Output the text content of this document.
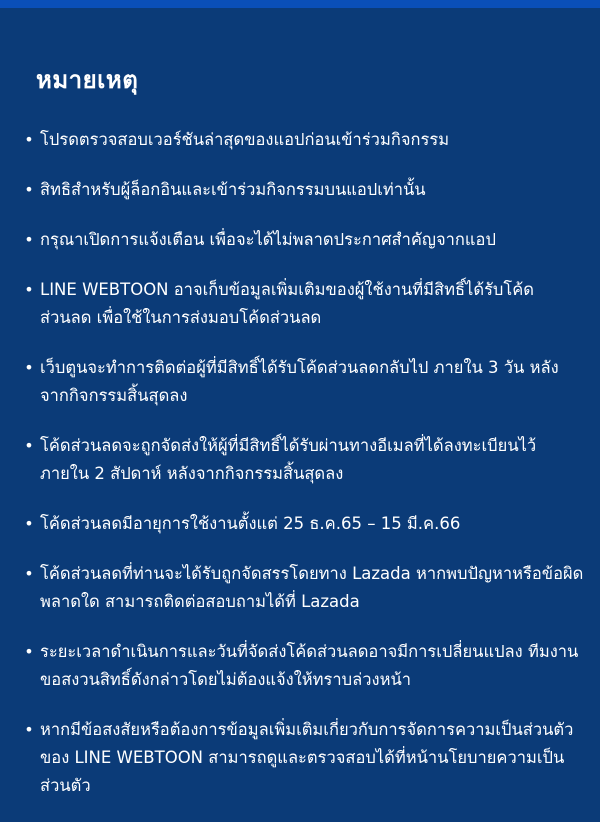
หมายเหตุ
• โปรดตรวจสอบเวอร์ชันล่าสุดของแอปก่อนเข้าร่วมกิจกรรม
• สิทธิสำหรับผู้ล็อกอินและเข้าร่วมกิจกรรมบนแอปเท่านั้น
• กรุณาเปิดการแจ้งเตือน เพื่อจะได้ไม่พลาดประกาศสำคัญจากแอป
• LINE WEBTOON อาจเก็บข้อมูลเพิ่มเติมของผู้ใช้งานที่มีสิทธิ์ได้รับโค้ดส่วนลด เพื่อใช้ในการส่งมอบโค้ดส่วนลด
• เว็บตูนจะทำการติดต่อผู้ที่มีสิทธิ์ได้รับโค้ดส่วนลดกลับไป ภายใน 3 วัน หลังจากกิจกรรมสิ้นสุดลง
• โค้ดส่วนลดจะถูกจัดส่งให้ผู้ที่มีสิทธิ์ได้รับผ่านทางอีเมลที่ได้ลงทะเบียนไว้ภายใน 2 สัปดาห์ หลังจากกิจกรรมสิ้นสุดลง
• โค้ดส่วนลดมีอายุการใช้งานตั้งแต่ 25 ธ.ค.65 – 15 มี.ค.66
• โค้ดส่วนลดที่ท่านจะได้รับถูกจัดสรรโดยทาง Lazada หากพบปัญหาหรือข้อผิดพลาดใด สามารถติดต่อสอบถามได้ที่ Lazada
• ระยะเวลาดำเนินการและวันที่จัดส่งโค้ดส่วนลดอาจมีการเปลี่ยนแปลง ทีมงานขอสงวนสิทธิ์ดังกล่าวโดยไม่ต้องแจ้งให้ทราบล่วงหน้า
• หากมีข้อสงสัยหรือต้องการข้อมูลเพิ่มเติมเกี่ยวกับการจัดการความเป็นส่วนตัวของ LINE WEBTOON สามารถดูและตรวจสอบได้ที่หน้านโยบายความเป็นส่วนตัว
